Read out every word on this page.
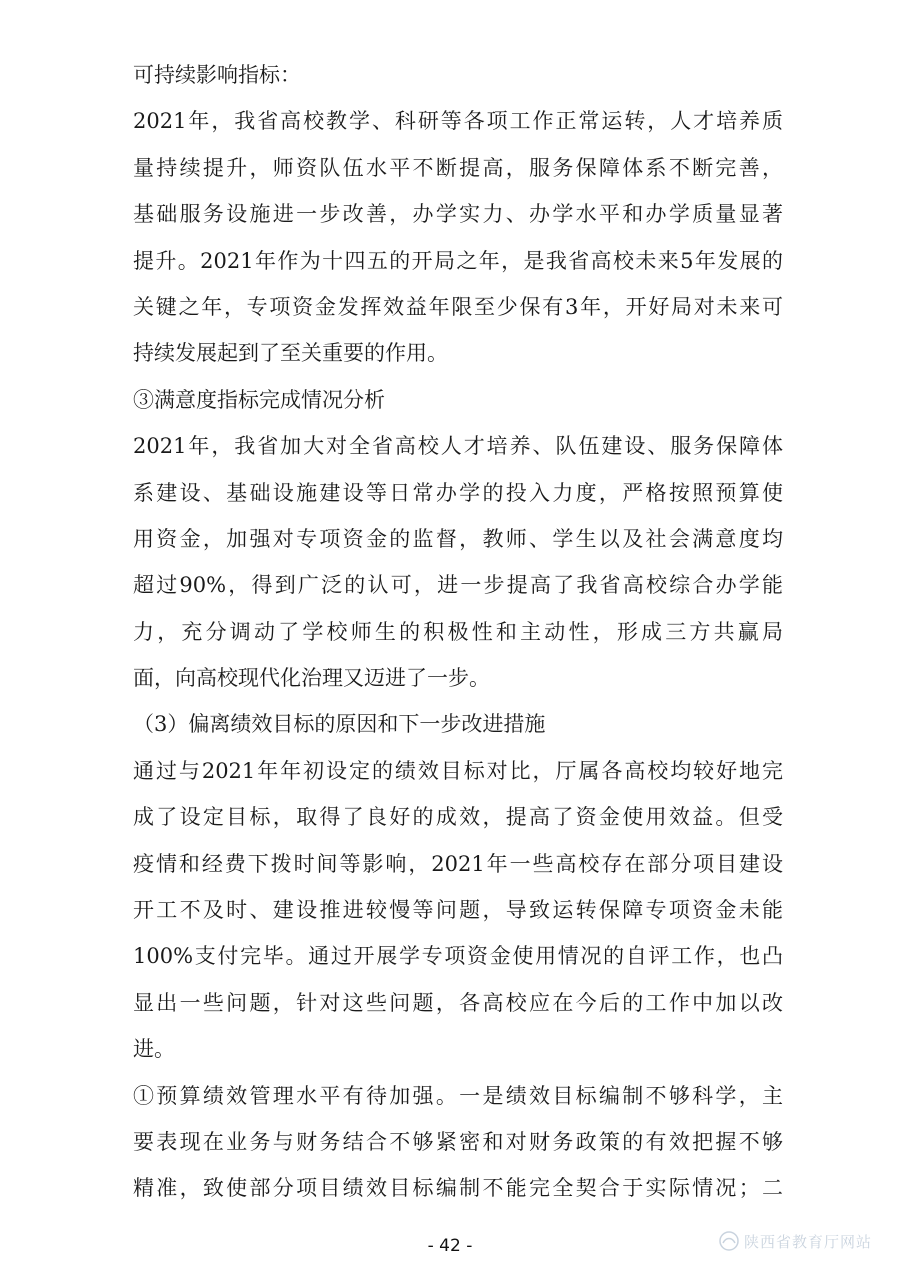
可持续影响指标：
2021年，我省高校教学、科研等各项工作正常运转，人才培养质
量持续提升，师资队伍水平不断提高，服务保障体系不断完善，
基础服务设施进一步改善，办学实力、办学水平和办学质量显著
提升。2021年作为十四五的开局之年，是我省高校未来5年发展的
关键之年，专项资金发挥效益年限至少保有3年，开好局对未来可
持续发展起到了至关重要的作用。
③满意度指标完成情况分析
2021年，我省加大对全省高校人才培养、队伍建设、服务保障体
系建设、基础设施建设等日常办学的投入力度，严格按照预算使
用资金，加强对专项资金的监督，教师、学生以及社会满意度均
超过90%，得到广泛的认可，进一步提高了我省高校综合办学能
力，充分调动了学校师生的积极性和主动性，形成三方共赢局
面，向高校现代化治理又迈进了一步。
（3）偏离绩效目标的原因和下一步改进措施
通过与2021年年初设定的绩效目标对比，厅属各高校均较好地完
成了设定目标，取得了良好的成效，提高了资金使用效益。但受
疫情和经费下拨时间等影响，2021年一些高校存在部分项目建设
开工不及时、建设推进较慢等问题，导致运转保障专项资金未能
100%支付完毕。通过开展学专项资金使用情况的自评工作，也凸
显出一些问题，针对这些问题，各高校应在今后的工作中加以改
进。
①预算绩效管理水平有待加强。一是绩效目标编制不够科学，主
要表现在业务与财务结合不够紧密和对财务政策的有效把握不够
精准，致使部分项目绩效目标编制不能完全契合于实际情况；二
- 42 -	陕西省教育厅网站
